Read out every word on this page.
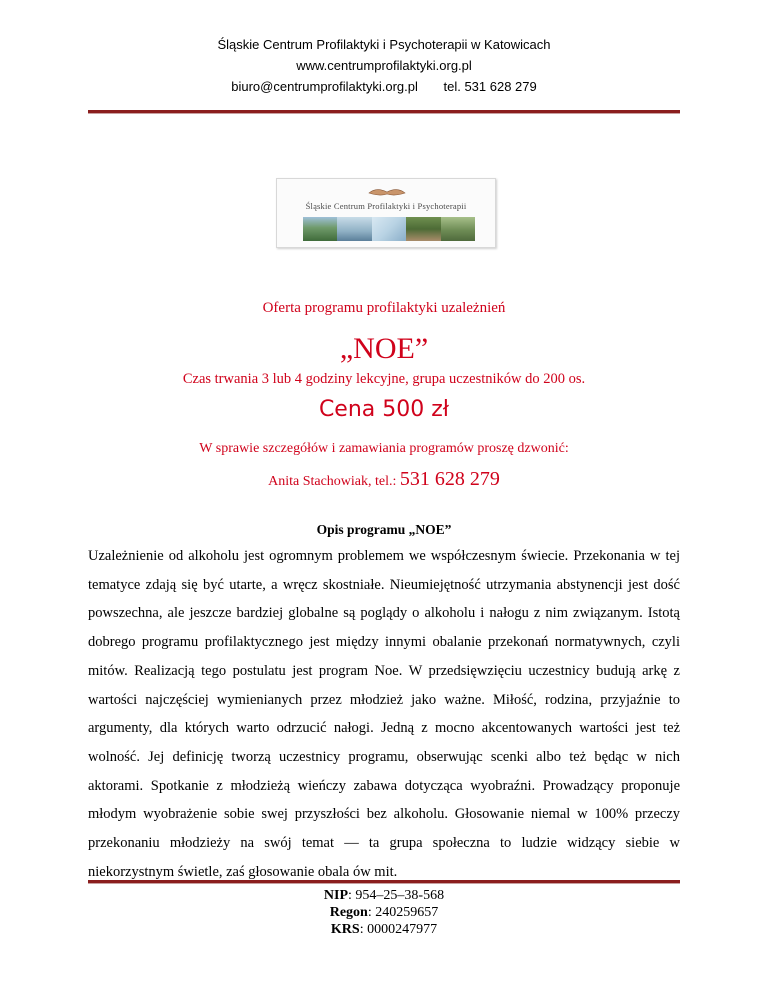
Śląskie Centrum Profilaktyki i Psychoterapii w Katowicach
www.centrumprofilaktyki.org.pl
biuro@centrumprofilaktyki.org.pl tel. 531 628 279
Śląskie Centrum Profilaktyki i Psychoterapii
Oferta programu profilaktyki uzależnień
„NOE”
Czas trwania 3 lub 4 godziny lekcyjne, grupa uczestników do 200 os.
Cena 500 zł
W sprawie szczegółów i zamawiania programów proszę dzwonić:
Anita Stachowiak, tel.: 531 628 279
Opis programu „NOE”
Uzależnienie od alkoholu jest ogromnym problemem we współczesnym świecie. Przekonania w tej tematyce zdają się być utarte, a wręcz skostniałe. Nieumiejętność utrzymania abstynencji jest dość powszechna, ale jeszcze bardziej globalne są poglądy o alkoholu i nałogu z nim związanym. Istotą dobrego programu profilaktycznego jest między innymi obalanie przekonań normatywnych, czyli mitów. Realizacją tego postulatu jest program Noe. W przedsięwzięciu uczestnicy budują arkę z wartości najczęściej wymienianych przez młodzież jako ważne. Miłość, rodzina, przyjaźnie to argumenty, dla których warto odrzucić nałogi. Jedną z mocno akcentowanych wartości jest też wolność. Jej definicję tworzą uczestnicy programu, obserwując scenki albo też będąc w nich aktorami. Spotkanie z młodzieżą wieńczy zabawa dotycząca wyobraźni. Prowadzący proponuje młodym wyobrażenie sobie swej przyszłości bez alkoholu. Głosowanie niemal w 100% przeczy przekonaniu młodzieży na swój temat — ta grupa społeczna to ludzie widzący siebie w niekorzystnym świetle, zaś głosowanie obala ów mit.
NIP: 954–25–38-568
Regon: 240259657
KRS: 0000247977
